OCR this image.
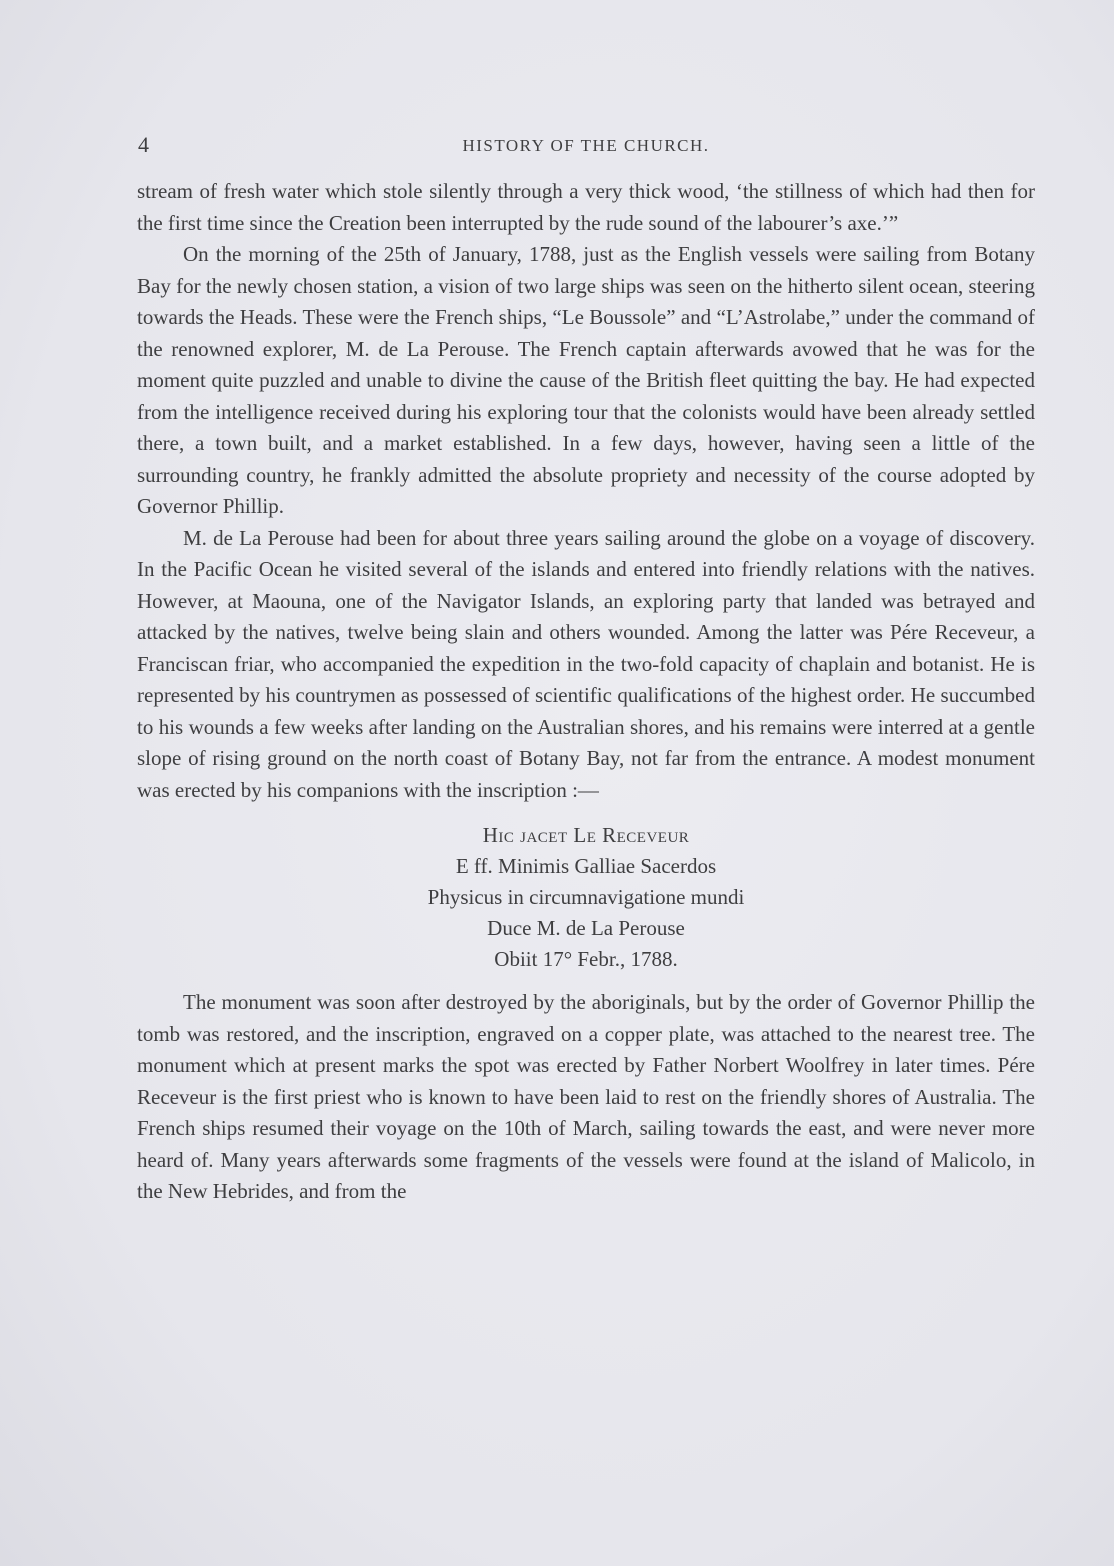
4	HISTORY OF THE CHURCH.

stream of fresh water which stole silently through a very thick wood, ‘the stillness of which had then for the first time since the Creation been interrupted by the rude sound of the labourer’s axe.’”

On the morning of the 25th of January, 1788, just as the English vessels were sailing from Botany Bay for the newly chosen station, a vision of two large ships was seen on the hitherto silent ocean, steering towards the Heads. These were the French ships, “Le Boussole” and “L’Astrolabe,” under the command of the renowned explorer, M. de La Perouse. The French captain afterwards avowed that he was for the moment quite puzzled and unable to divine the cause of the British fleet quitting the bay. He had expected from the intelligence received during his exploring tour that the colonists would have been already settled there, a town built, and a market established. In a few days, however, having seen a little of the surrounding country, he frankly admitted the absolute propriety and necessity of the course adopted by Governor Phillip.

M. de La Perouse had been for about three years sailing around the globe on a voyage of discovery. In the Pacific Ocean he visited several of the islands and entered into friendly relations with the natives. However, at Maouna, one of the Navigator Islands, an exploring party that landed was betrayed and attacked by the natives, twelve being slain and others wounded. Among the latter was Pére Receveur, a Franciscan friar, who accompanied the expedition in the two-fold capacity of chaplain and botanist. He is represented by his countrymen as possessed of scientific qualifications of the highest order. He succumbed to his wounds a few weeks after landing on the Australian shores, and his remains were interred at a gentle slope of rising ground on the north coast of Botany Bay, not far from the entrance. A modest monument was erected by his companions with the inscription :—

Hic jacet Le Receveur
E ff. Minimis Galliae Sacerdos
Physicus in circumnavigatione mundi
Duce M. de La Perouse
Obiit 17° Febr., 1788.

The monument was soon after destroyed by the aboriginals, but by the order of Governor Phillip the tomb was restored, and the inscription, engraved on a copper plate, was attached to the nearest tree. The monument which at present marks the spot was erected by Father Norbert Woolfrey in later times. Pére Receveur is the first priest who is known to have been laid to rest on the friendly shores of Australia. The French ships resumed their voyage on the 10th of March, sailing towards the east, and were never more heard of. Many years afterwards some fragments of the vessels were found at the island of Malicolo, in the New Hebrides, and from the
